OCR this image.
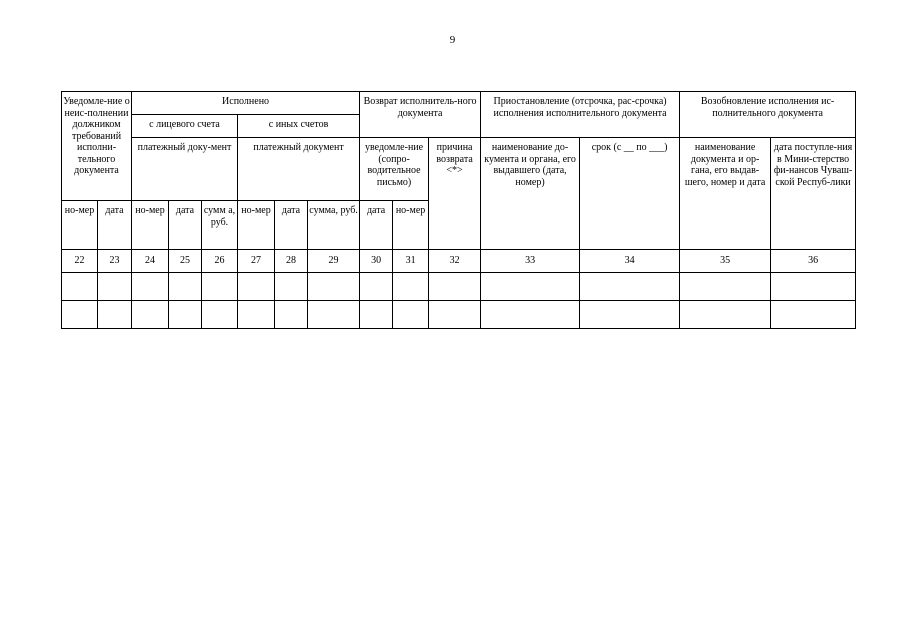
9
Уведомле-ние о неис-полнении должником требований исполни-тельного документа		Исполнено						Возврат исполнитель-ного документа			Приостановление (отсрочка, рас-срочка) исполнения исполнительного документа		Возобновление исполнения ис-полнительного документа	
		с лицевого счета			с иных счетов									
		платежный доку-мент			платежный документ			уведомле-ние (сопро-водительное письмо)		причина возврата <*>	наименование до-кумента и органа, его выдавшего (дата, номер)	срок (с __ по ___)	наименование документа и ор-гана, его выдав-шего, номер и дата	дата поступле-ния в Мини-стерство фи-нансов Чуваш-ской Респуб-лики
но-мер	дата	но-мер	дата	сумм а, руб.	но-мер	дата	сумма, руб.	дата	но-мер					
22	23	24	25	26	27	28	29	30	31	32	33	34	35	36
